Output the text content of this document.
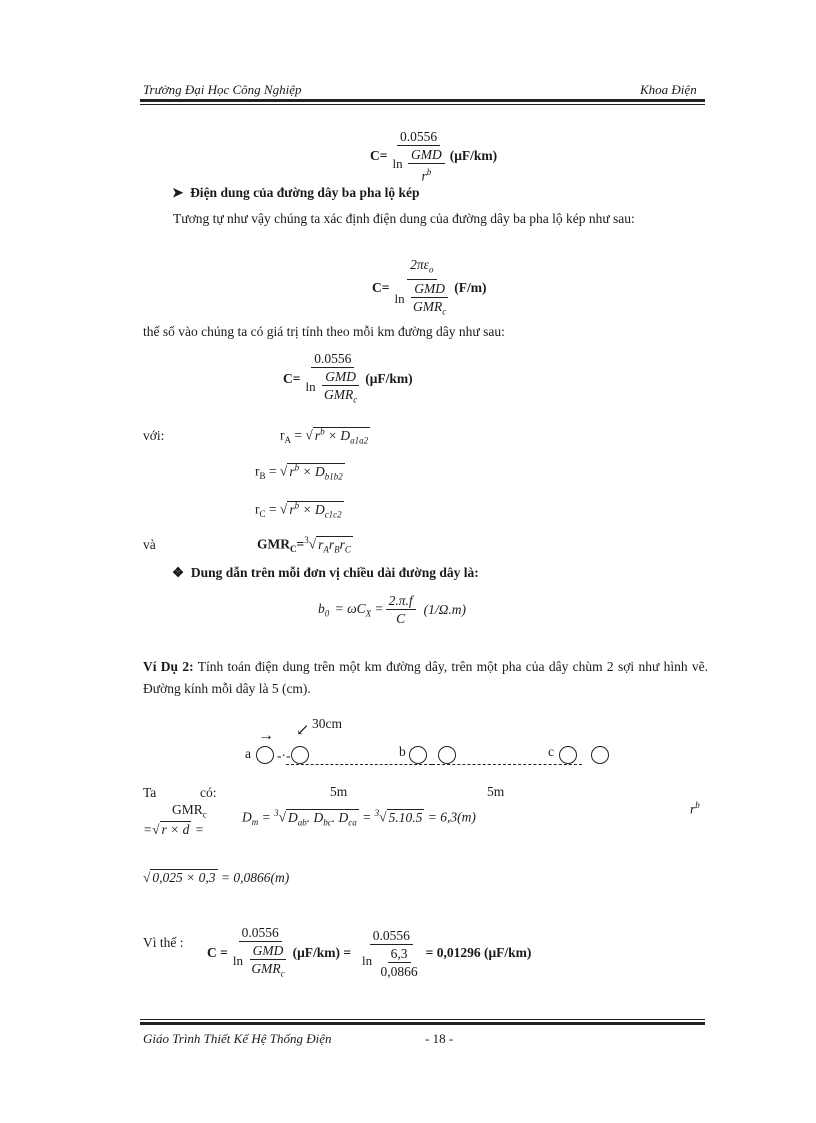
Trường Đại Học Công Nghiệp	Khoa Điện
$C= \frac{0.0556}{\ln \frac{\text{GMD}}{r^b}} (\mu F/km)$
➤  Điện dung của đường dây ba pha lộ kép
Tương tự như vậy chúng ta xác định điện dung của đường dây ba pha lộ kép như sau:
$C= \frac{2\pi\varepsilon_o}{\ln \frac{\text{GMD}}{GMR_c}} (F/m)$
thế số vào chúng ta có giá trị tính theo mỗi km đường dây như sau:
$C= \frac{0.0556}{\ln \frac{\text{GMD}}{GMR_c}} (\mu F/km)$
với:	$r_A$ = √ $r^b \times D_{a1a2}$
$r_B$ = √ $r^b \times D_{b1b2}$
$r_C$ = √ $r^b \times D_{c1c2}$
và	$GMR_C=^3√$ $r_Ar_Br_C$
❖  Dung dẫn trên mỗi đơn vị chiều dài đường dây là:
$b_0 = \omega C_X = \frac{2.\pi.f}{C} (1/\Omega.m)$
Ví Dụ 2: Tính toán điện dung trên một km đường dây, trên một pha của dây chùm 2 sợi như hình vẽ. Đường kính mỗi dây là 5 (cm).
30cm
→ ↙
a -·-	b	c
5m	5m
$r^b$
Ta	có:
$GMR_c$
=√ r × d =
$D_m = ^3√$ $D_{ab}$. $D_{bc}$. $D_{ca} = ^3√$ 5.10.5 = 6,3(m)
√ 0,025 × 0,3 = 0,0866(m)
Vì thế :
$C = \frac{0.0556}{\ln \frac{\text{GMD}}{GMR_c}} (\mu F/km) = \frac{0.0556}{\ln \frac{6,3}{0,0866}} = 0,01296$ (μF/km)
Giáo Trình Thiết Kế Hệ Thống Điện	- 18 -
